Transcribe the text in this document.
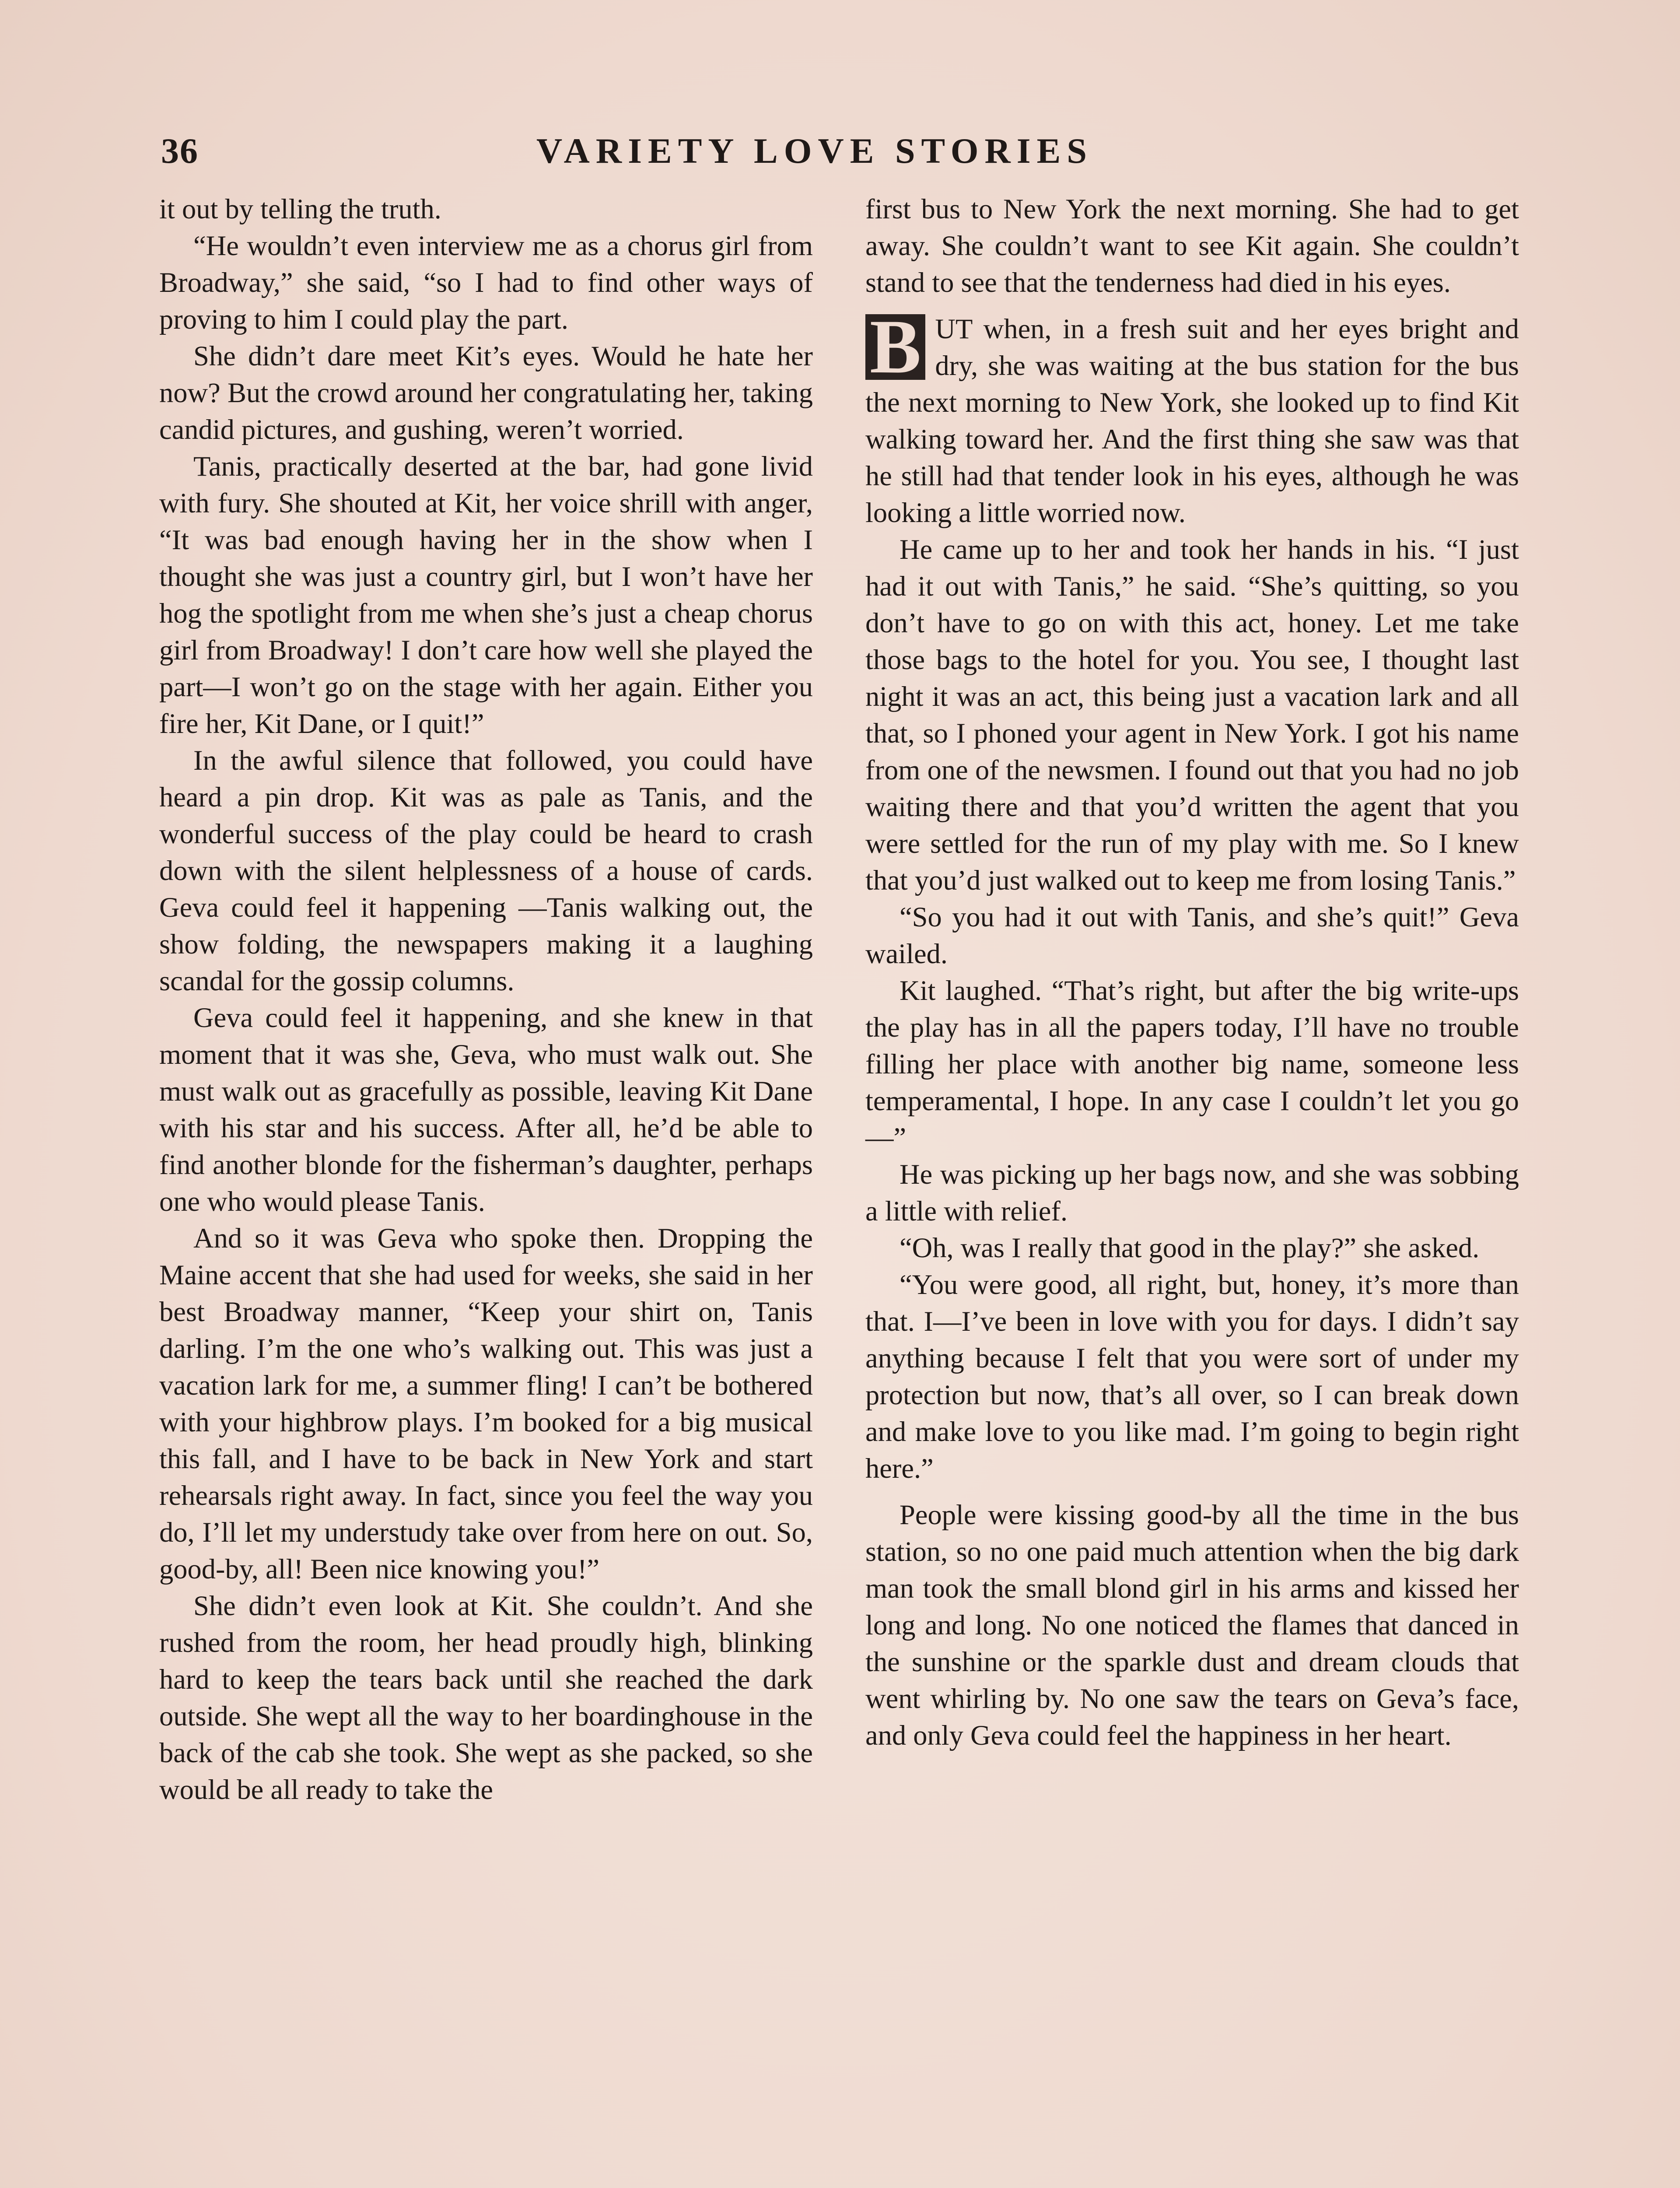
36	VARIETY LOVE STORIES

it out by telling the truth.

“He wouldn’t even interview me as a chorus girl from Broadway,” she said, “so I had to find other ways of proving to him I could play the part.

She didn’t dare meet Kit’s eyes. Would he hate her now? But the crowd around her congratulating her, taking candid pictures, and gushing, weren’t worried.

Tanis, practically deserted at the bar, had gone livid with fury. She shouted at Kit, her voice shrill with anger, “It was bad enough having her in the show when I thought she was just a country girl, but I won’t have her hog the spotlight from me when she’s just a cheap chorus girl from Broadway! I don’t care how well she played the part—I won’t go on the stage with her again. Either you fire her, Kit Dane, or I quit!”

In the awful silence that followed, you could have heard a pin drop. Kit was as pale as Tanis, and the wonderful success of the play could be heard to crash down with the silent helplessness of a house of cards. Geva could feel it happening —Tanis walking out, the show folding, the newspapers making it a laughing scandal for the gossip columns.

Geva could feel it happening, and she knew in that moment that it was she, Geva, who must walk out. She must walk out as gracefully as possible, leaving Kit Dane with his star and his success. After all, he’d be able to find another blonde for the fisherman’s daughter, perhaps one who would please Tanis.

And so it was Geva who spoke then. Dropping the Maine accent that she had used for weeks, she said in her best Broadway manner, “Keep your shirt on, Tanis darling. I’m the one who’s walking out. This was just a vacation lark for me, a summer fling! I can’t be bothered with your highbrow plays. I’m booked for a big musical this fall, and I have to be back in New York and start rehearsals right away. In fact, since you feel the way you do, I’ll let my understudy take over from here on out. So, good-by, all! Been nice knowing you!”

She didn’t even look at Kit. She couldn’t. And she rushed from the room, her head proudly high, blinking hard to keep the tears back until she reached the dark outside. She wept all the way to her boardinghouse in the back of the cab she took. She wept as she packed, so she would be all ready to take the

first bus to New York the next morning. She had to get away. She couldn’t want to see Kit again. She couldn’t stand to see that the tenderness had died in his eyes.

B UT when, in a fresh suit and her eyes bright and dry, she was waiting at the bus station for the bus the next morning to New York, she looked up to find Kit walking toward her. And the first thing she saw was that he still had that tender look in his eyes, although he was looking a little worried now.

He came up to her and took her hands in his. “I just had it out with Tanis,” he said. “She’s quitting, so you don’t have to go on with this act, honey. Let me take those bags to the hotel for you. You see, I thought last night it was an act, this being just a vacation lark and all that, so I phoned your agent in New York. I got his name from one of the newsmen. I found out that you had no job waiting there and that you’d written the agent that you were settled for the run of my play with me. So I knew that you’d just walked out to keep me from losing Tanis.”

“So you had it out with Tanis, and she’s quit!” Geva wailed.

Kit laughed. “That’s right, but after the big write-ups the play has in all the papers today, I’ll have no trouble filling her place with another big name, someone less temperamental, I hope. In any case I couldn’t let you go—”

He was picking up her bags now, and she was sobbing a little with relief.

“Oh, was I really that good in the play?” she asked.

“You were good, all right, but, honey, it’s more than that. I—I’ve been in love with you for days. I didn’t say anything because I felt that you were sort of under my protection but now, that’s all over, so I can break down and make love to you like mad. I’m going to begin right here.”

People were kissing good-by all the time in the bus station, so no one paid much attention when the big dark man took the small blond girl in his arms and kissed her long and long. No one noticed the flames that danced in the sunshine or the sparkle dust and dream clouds that went whirling by. No one saw the tears on Geva’s face, and only Geva could feel the happiness in her heart.
